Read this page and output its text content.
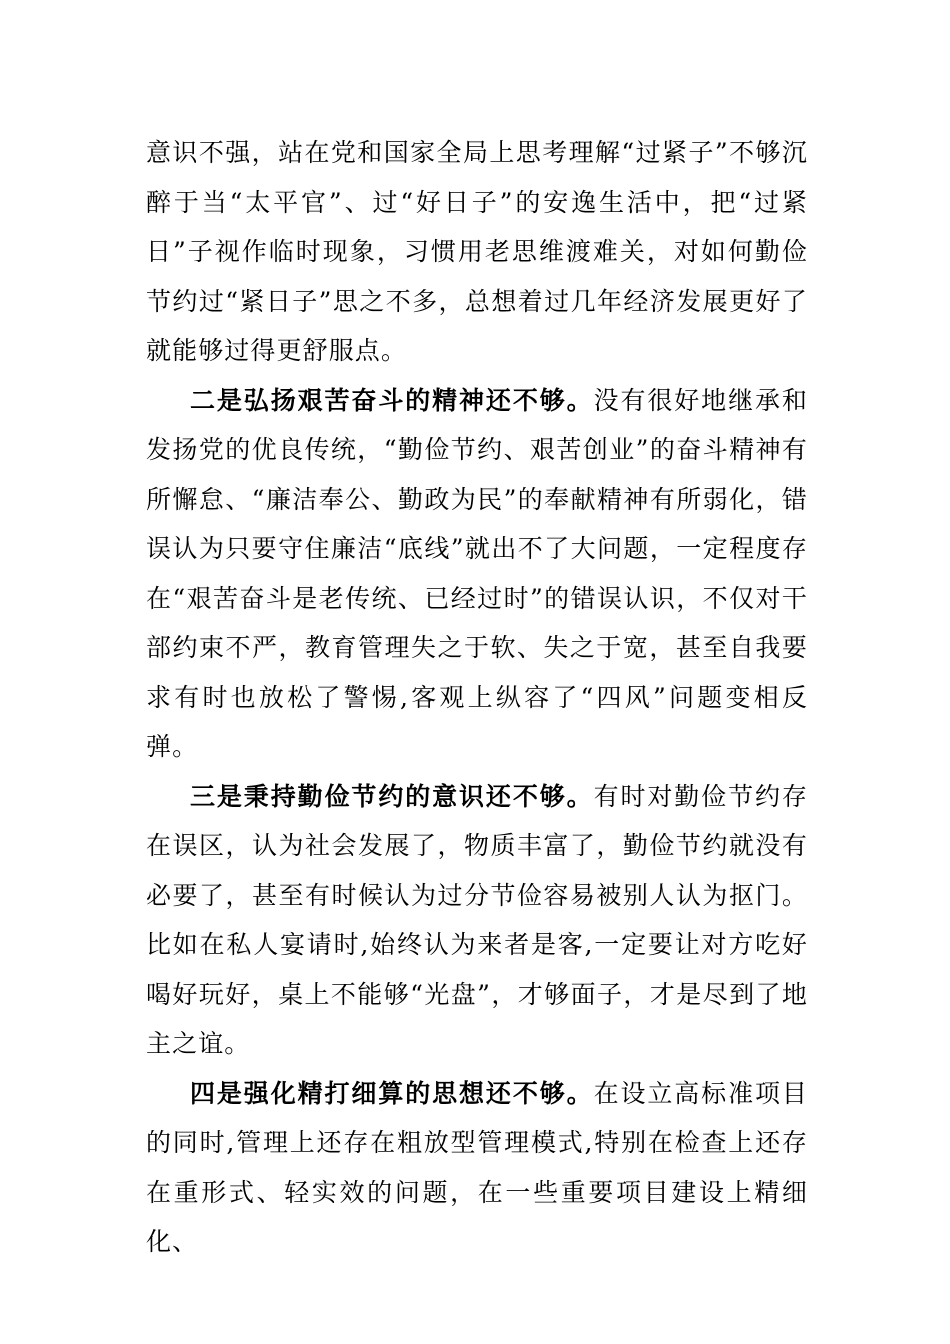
意识不强，站在党和国家全局上思考理解“过紧子”不够沉醉于当“太平官”、过“好日子”的安逸生活中，把“过紧日”子视作临时现象，习惯用老思维渡难关，对如何勤俭节约过“紧日子”思之不多，总想着过几年经济发展更好了就能够过得更舒服点。

二是弘扬艰苦奋斗的精神还不够。没有很好地继承和发扬党的优良传统，“勤俭节约、艰苦创业”的奋斗精神有所懈怠、“廉洁奉公、勤政为民”的奉献精神有所弱化，错误认为只要守住廉洁“底线”就出不了大问题，一定程度存在“艰苦奋斗是老传统、已经过时”的错误认识，不仅对干部约束不严，教育管理失之于软、失之于宽，甚至自我要求有时也放松了警惕,客观上纵容了“四风”问题变相反弹。

三是秉持勤俭节约的意识还不够。有时对勤俭节约存在误区，认为社会发展了，物质丰富了，勤俭节约就没有必要了，甚至有时候认为过分节俭容易被别人认为抠门。比如在私人宴请时,始终认为来者是客,一定要让对方吃好喝好玩好，桌上不能够“光盘”，才够面子，才是尽到了地主之谊。

四是强化精打细算的思想还不够。在设立高标准项目的同时,管理上还存在粗放型管理模式,特别在检查上还存在重形式、轻实效的问题，在一些重要项目建设上精细化、
